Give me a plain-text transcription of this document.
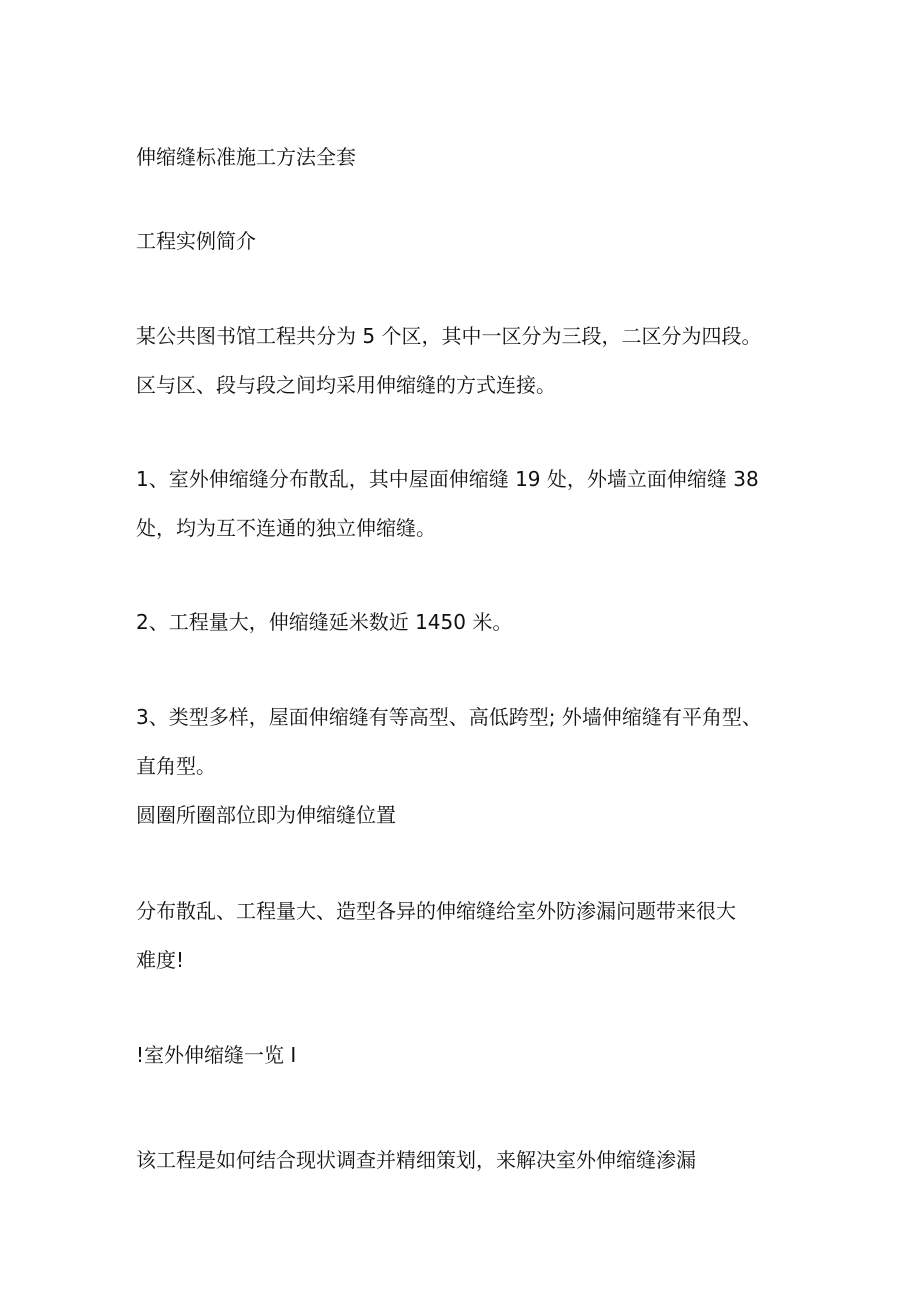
伸缩缝标准施工方法全套

工程实例简介

某公共图书馆工程共分为 5 个区，其中一区分为三段，二区分为四段。

区与区、段与段之间均采用伸缩缝的方式连接。

1、室外伸缩缝分布散乱，其中屋面伸缩缝 19 处，外墙立面伸缩缝 38

处，均为互不连通的独立伸缩缝。

2、工程量大，伸缩缝延米数近 1450 米。

3、类型多样，屋面伸缩缝有等高型、高低跨型; 外墙伸缩缝有平角型、

直角型。

圆圈所圈部位即为伸缩缝位置

分布散乱、工程量大、造型各异的伸缩缝给室外防渗漏问题带来很大

难度!

!室外伸缩缝一览 I

该工程是如何结合现状调查并精细策划，来解决室外伸缩缝渗漏
